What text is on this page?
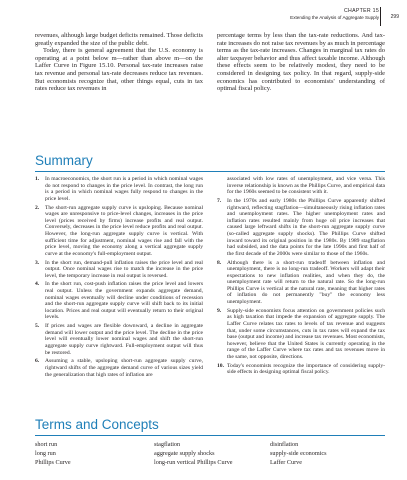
CHAPTER 15
Extending the Analysis of Aggregate Supply 299

revenues, although large budget deficits remained. Those deficits greatly expanded the size of the public debt.

Today, there is general agreement that the U.S. economy is operating at a point below m—rather than above m—on the Laffer Curve in Figure 15.10. Personal tax-rate increases raise tax revenue and personal tax-rate decreases reduce tax revenues. But economists recognize that, other things equal, cuts in tax rates reduce tax revenues in

percentage terms by less than the tax-rate reductions. And tax-rate increases do not raise tax revenues by as much in percentage terms as the tax-rate increases. Changes in marginal tax rates do alter taxpayer behavior and thus affect taxable income. Although these effects seem to be relatively modest, they need to be considered in designing tax policy. In that regard, supply-side economics has contributed to economists' understanding of optimal fiscal policy.

Summary
1. In macroeconomics, the short run is a period in which nominal wages do not respond to changes in the price level. In contrast, the long run is a period in which nominal wages fully respond to changes in the price level.
2. The short-run aggregate supply curve is upsloping. Because nominal wages are unresponsive to price-level changes, increases in the price level (prices received by firms) increase profits and real output. Conversely, decreases in the price level reduce profits and real output. However, the long-run aggregate supply curve is vertical. With sufficient time for adjustment, nominal wages rise and fall with the price level, moving the economy along a vertical aggregate supply curve at the economy's full-employment output.
3. In the short run, demand-pull inflation raises the price level and real output. Once nominal wages rise to match the increase in the price level, the temporary increase in real output is reversed.
4. In the short run, cost-push inflation raises the price level and lowers real output. Unless the government expands aggregate demand, nominal wages eventually will decline under conditions of recession and the short-run aggregate supply curve will shift back to its initial location. Prices and real output will eventually return to their original levels.
5. If prices and wages are flexible downward, a decline in aggregate demand will lower output and the price level. The decline in the price level will eventually lower nominal wages and shift the short-run aggregate supply curve rightward. Full-employment output will thus be restored.
6. Assuming a stable, upsloping short-run aggregate supply curve, rightward shifts of the aggregate demand curve of various sizes yield the generalization that high rates of inflation are
associated with low rates of unemployment, and vice versa. This inverse relationship is known as the Phillips Curve, and empirical data for the 1960s seemed to be consistent with it.
7. In the 1970s and early 1980s the Phillips Curve apparently shifted rightward, reflecting stagflation—simultaneously rising inflation rates and unemployment rates. The higher unemployment rates and inflation rates resulted mainly from huge oil price increases that caused large leftward shifts in the short-run aggregate supply curve (so-called aggregate supply shocks). The Phillips Curve shifted inward toward its original position in the 1980s. By 1989 stagflation had subsided, and the data points for the late 1990s and first half of the first decade of the 2000s were similar to those of the 1960s.
8. Although there is a short-run tradeoff between inflation and unemployment, there is no long-run tradeoff. Workers will adapt their expectations to new inflation realities, and when they do, the unemployment rate will return to the natural rate. So the long-run Phillips Curve is vertical at the natural rate, meaning that higher rates of inflation do not permanently "buy" the economy less unemployment.
9. Supply-side economists focus attention on government policies such as high taxation that impede the expansion of aggregate supply. The Laffer Curve relates tax rates to levels of tax revenue and suggests that, under some circumstances, cuts in tax rates will expand the tax base (output and income) and increase tax revenues. Most economists, however, believe that the United States is currently operating in the range of the Laffer Curve where tax rates and tax revenues move in the same, not opposite, directions.
10. Today's economists recognize the importance of considering supply-side effects in designing optimal fiscal policy.
Terms and Concepts
short run
long run
Phillips Curve
stagflation
aggregate supply shocks
long-run vertical Phillips Curve
disinflation
supply-side economics
Laffer Curve
